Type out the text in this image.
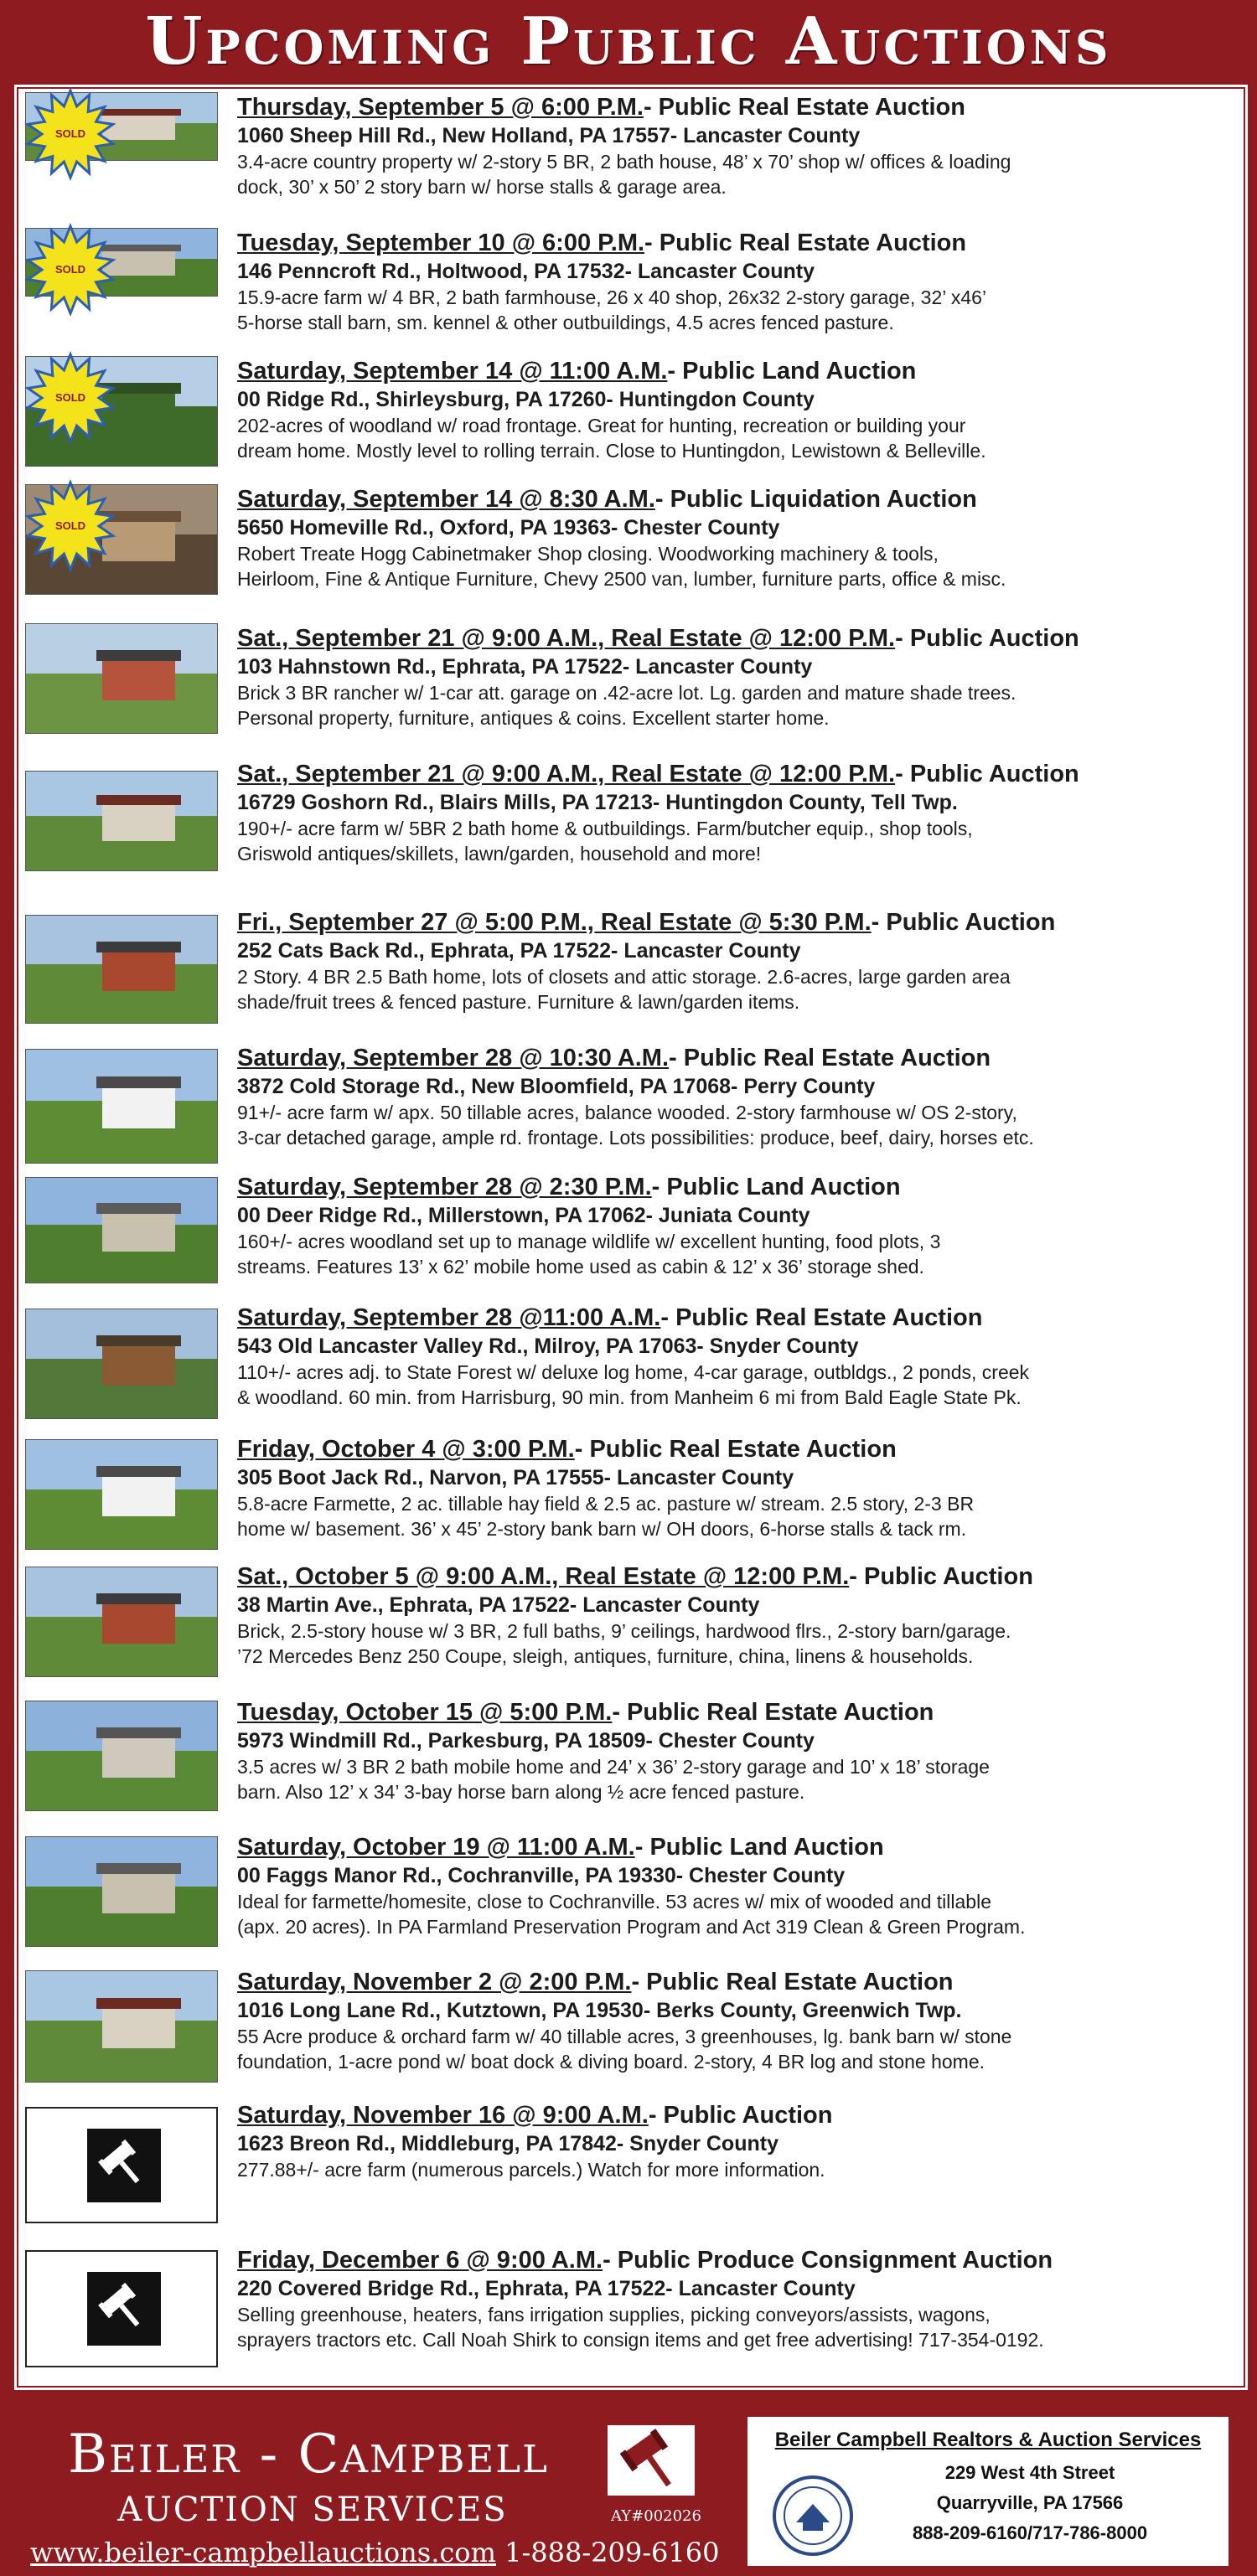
Upcoming Public Auctions
SOLD
Thursday, September 5 @ 6:00 P.M.- Public Real Estate Auction
1060 Sheep Hill Rd., New Holland, PA 17557- Lancaster County
3.4-acre country property w/ 2-story 5 BR, 2 bath house, 48’ x 70’ shop w/ offices & loading
dock, 30’ x 50’ 2 story barn w/ horse stalls & garage area.
SOLD
Tuesday, September 10 @ 6:00 P.M.- Public Real Estate Auction
146 Penncroft Rd., Holtwood, PA 17532- Lancaster County
15.9-acre farm w/ 4 BR, 2 bath farmhouse, 26 x 40 shop, 26x32 2-story garage, 32’ x46’
5-horse stall barn, sm. kennel & other outbuildings, 4.5 acres fenced pasture.
SOLD
Saturday, September 14 @ 11:00 A.M.- Public Land Auction
00 Ridge Rd., Shirleysburg, PA 17260- Huntingdon County
202-acres of woodland w/ road frontage. Great for hunting, recreation or building your
dream home. Mostly level to rolling terrain. Close to Huntingdon, Lewistown & Belleville.
SOLD
Saturday, September 14 @ 8:30 A.M.- Public Liquidation Auction
5650 Homeville Rd., Oxford, PA 19363- Chester County
Robert Treate Hogg Cabinetmaker Shop closing. Woodworking machinery & tools,
Heirloom, Fine & Antique Furniture, Chevy 2500 van, lumber, furniture parts, office & misc.
Sat., September 21 @ 9:00 A.M., Real Estate @ 12:00 P.M.- Public Auction
103 Hahnstown Rd., Ephrata, PA 17522- Lancaster County
Brick 3 BR rancher w/ 1-car att. garage on .42-acre lot. Lg. garden and mature shade trees.
Personal property, furniture, antiques & coins. Excellent starter home.
Sat., September 21 @ 9:00 A.M., Real Estate @ 12:00 P.M.- Public Auction
16729 Goshorn Rd., Blairs Mills, PA 17213- Huntingdon County, Tell Twp.
190+/- acre farm w/ 5BR 2 bath home & outbuildings. Farm/butcher equip., shop tools,
Griswold antiques/skillets, lawn/garden, household and more!
Fri., September 27 @ 5:00 P.M., Real Estate @ 5:30 P.M.- Public Auction
252 Cats Back Rd., Ephrata, PA 17522- Lancaster County
2 Story. 4 BR 2.5 Bath home, lots of closets and attic storage. 2.6-acres, large garden area
shade/fruit trees & fenced pasture. Furniture & lawn/garden items.
Saturday, September 28 @ 10:30 A.M.- Public Real Estate Auction
3872 Cold Storage Rd., New Bloomfield, PA 17068- Perry County
91+/- acre farm w/ apx. 50 tillable acres, balance wooded. 2-story farmhouse w/ OS 2-story,
3-car detached garage, ample rd. frontage. Lots possibilities: produce, beef, dairy, horses etc.
Saturday, September 28 @ 2:30 P.M.- Public Land Auction
00 Deer Ridge Rd., Millerstown, PA 17062- Juniata County
160+/- acres woodland set up to manage wildlife w/ excellent hunting, food plots, 3
streams. Features 13’ x 62’ mobile home used as cabin & 12’ x 36’ storage shed.
Saturday, September 28 @11:00 A.M.- Public Real Estate Auction
543 Old Lancaster Valley Rd., Milroy, PA 17063- Snyder County
110+/- acres adj. to State Forest w/ deluxe log home, 4-car garage, outbldgs., 2 ponds, creek
& woodland. 60 min. from Harrisburg, 90 min. from Manheim 6 mi from Bald Eagle State Pk.
Friday, October 4 @ 3:00 P.M.- Public Real Estate Auction
305 Boot Jack Rd., Narvon, PA 17555- Lancaster County
5.8-acre Farmette, 2 ac. tillable hay field & 2.5 ac. pasture w/ stream. 2.5 story, 2-3 BR
home w/ basement. 36’ x 45’ 2-story bank barn w/ OH doors, 6-horse stalls & tack rm.
Sat., October 5 @ 9:00 A.M., Real Estate @ 12:00 P.M.- Public Auction
38 Martin Ave., Ephrata, PA 17522- Lancaster County
Brick, 2.5-story house w/ 3 BR, 2 full baths, 9’ ceilings, hardwood flrs., 2-story barn/garage.
’72 Mercedes Benz 250 Coupe, sleigh, antiques, furniture, china, linens & households.
Tuesday, October 15 @ 5:00 P.M.- Public Real Estate Auction
5973 Windmill Rd., Parkesburg, PA 18509- Chester County
3.5 acres w/ 3 BR 2 bath mobile home and 24’ x 36’ 2-story garage and 10’ x 18’ storage
barn. Also 12’ x 34’ 3-bay horse barn along ½ acre fenced pasture.
Saturday, October 19 @ 11:00 A.M.- Public Land Auction
00 Faggs Manor Rd., Cochranville, PA 19330- Chester County
Ideal for farmette/homesite, close to Cochranville. 53 acres w/ mix of wooded and tillable
(apx. 20 acres). In PA Farmland Preservation Program and Act 319 Clean & Green Program.
Saturday, November 2 @ 2:00 P.M.- Public Real Estate Auction
1016 Long Lane Rd., Kutztown, PA 19530- Berks County, Greenwich Twp.
55 Acre produce & orchard farm w/ 40 tillable acres, 3 greenhouses, lg. bank barn w/ stone
foundation, 1-acre pond w/ boat dock & diving board. 2-story, 4 BR log and stone home.
Saturday, November 16 @ 9:00 A.M.- Public Auction
1623 Breon Rd., Middleburg, PA 17842- Snyder County
277.88+/- acre farm (numerous parcels.) Watch for more information.
Friday, December 6 @ 9:00 A.M.- Public Produce Consignment Auction
220 Covered Bridge Rd., Ephrata, PA 17522- Lancaster County
Selling greenhouse, heaters, fans irrigation supplies, picking conveyors/assists, wagons,
sprayers tractors etc. Call Noah Shirk to consign items and get free advertising! 717-354-0192.
Beiler - Campbell
AUCTION SERVICES
www.beiler-campbellauctions.com 1-888-209-6160
AY#002026
Beiler Campbell Realtors & Auction Services
229 West 4th Street
Quarryville, PA 17566
888-209-6160/717-786-8000
